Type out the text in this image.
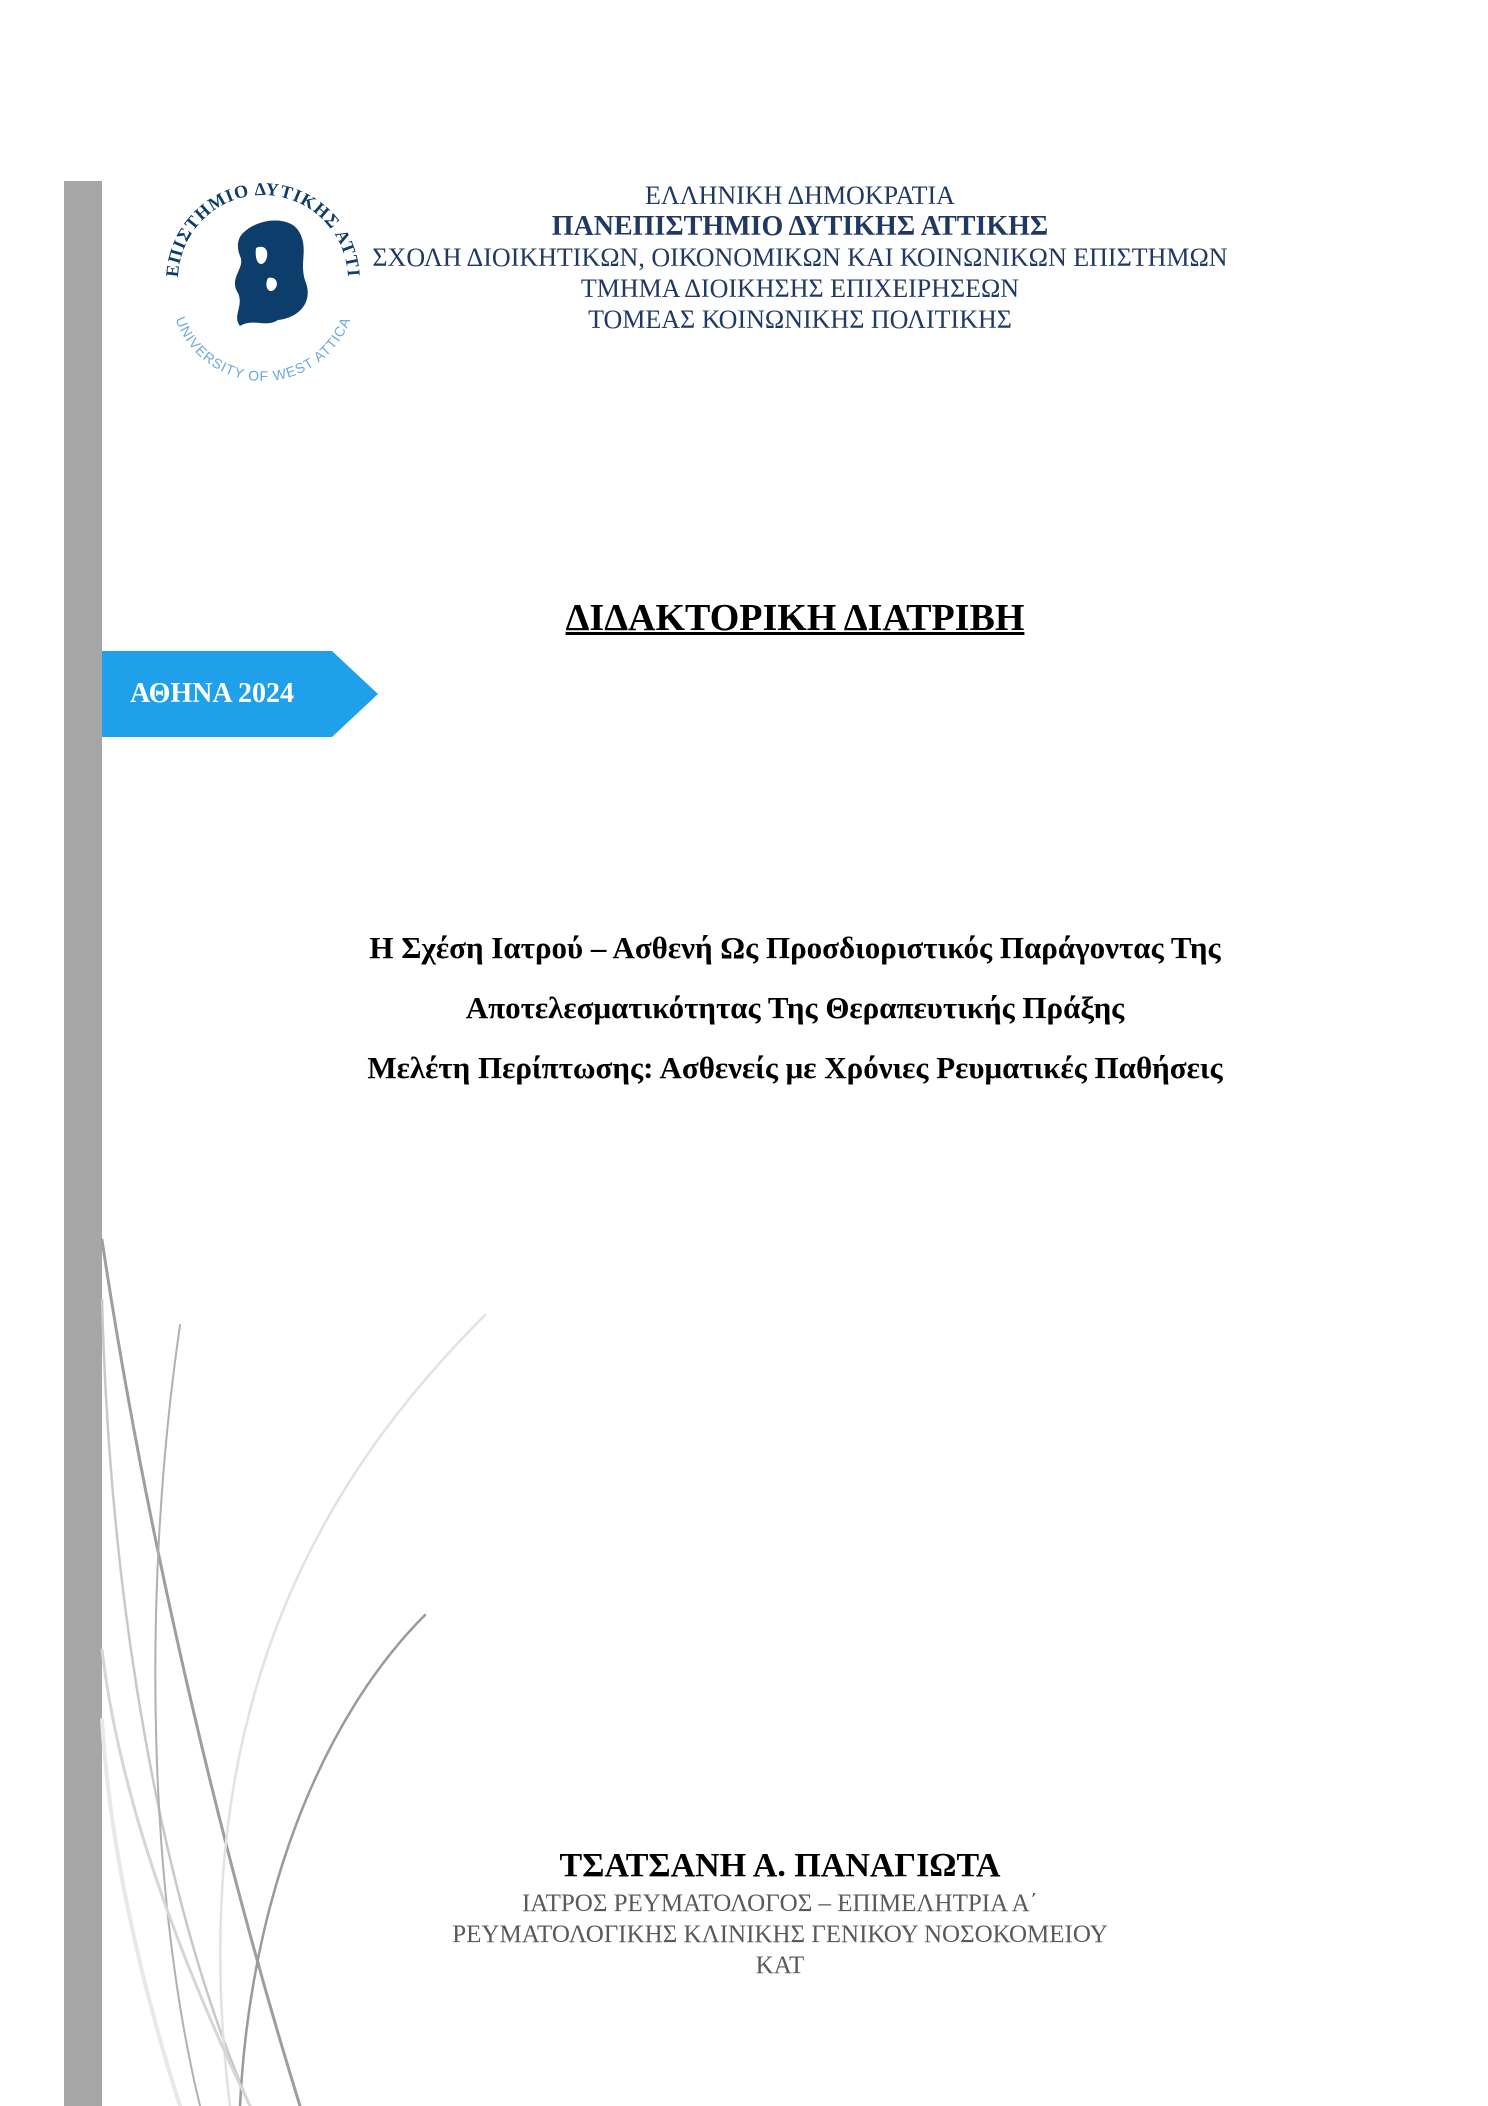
ΕΠΙΣΤΗΜΙΟ ΔΥΤΙΚΗΣ ΑΤΤΙ
UNIVERSITY OF WEST ATTICA
ΕΛΛΗΝΙΚΗ ΔΗΜΟΚΡΑΤΙΑ
ΠΑΝΕΠΙΣΤΗΜΙΟ ΔΥΤΙΚΗΣ ΑΤΤΙΚΗΣ
ΣΧΟΛΗ ΔΙΟΙΚΗΤΙΚΩΝ, ΟΙΚΟΝΟΜΙΚΩΝ ΚΑΙ ΚΟΙΝΩΝΙΚΩΝ ΕΠΙΣΤΗΜΩΝ
ΤΜΗΜΑ ΔΙΟΙΚΗΣΗΣ ΕΠΙΧΕΙΡΗΣΕΩΝ
ΤΟΜΕΑΣ ΚΟΙΝΩΝΙΚΗΣ ΠΟΛΙΤΙΚΗΣ
ΔΙΔΑΚΤΟΡΙΚΗ ΔΙΑΤΡΙΒΗ
ΑΘΗΝΑ 2024
Η Σχέση Ιατρού – Ασθενή Ως Προσδιοριστικός Παράγοντας Της
Αποτελεσματικότητας Της Θεραπευτικής Πράξης
Μελέτη Περίπτωσης: Ασθενείς με Χρόνιες Ρευματικές Παθήσεις
ΤΣΑΤΣΑΝΗ Α. ΠΑΝΑΓΙΩΤΑ
ΙΑΤΡΟΣ ΡΕΥΜΑΤΟΛΟΓΟΣ – ΕΠΙΜΕΛΗΤΡΙΑ Α΄
ΡΕΥΜΑΤΟΛΟΓΙΚΗΣ ΚΛΙΝΙΚΗΣ ΓΕΝΙΚΟΥ ΝΟΣΟΚΟΜΕΙΟΥ
ΚΑΤ
